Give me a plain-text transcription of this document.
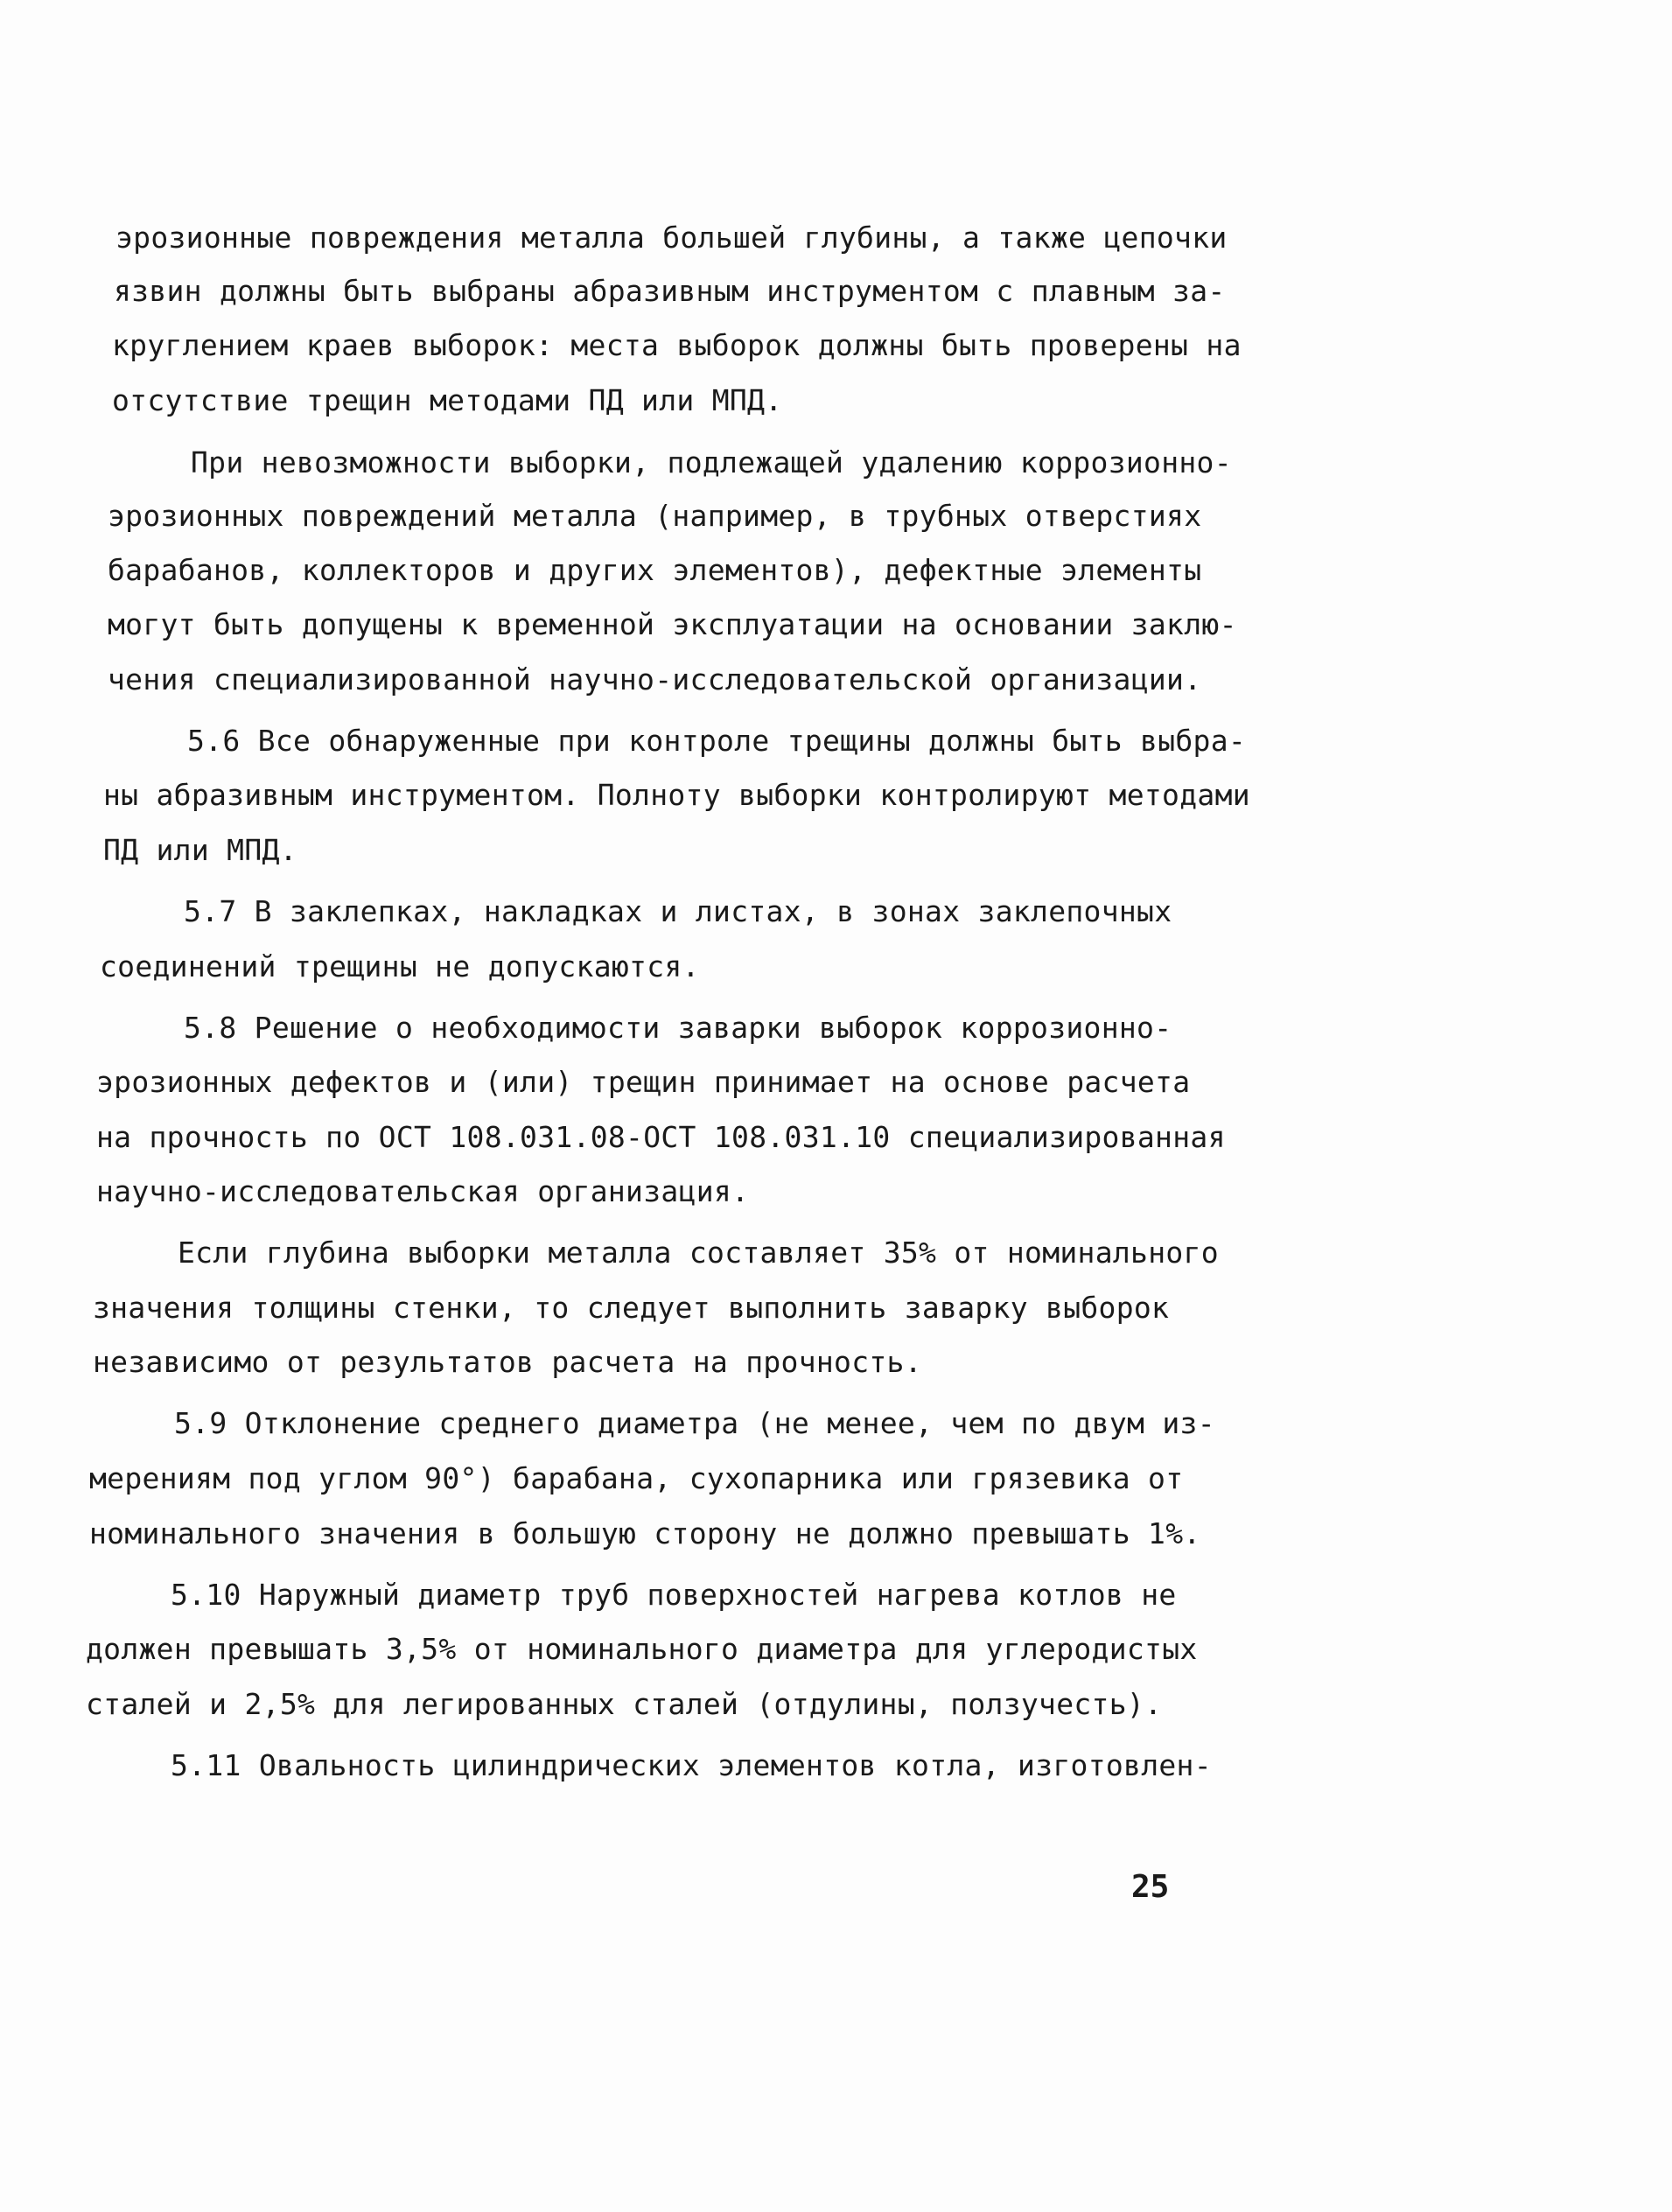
эрозионные повреждения металла большей глубины, а также цепочки
язвин должны быть выбраны абразивным инструментом с плавным за-
круглением краев выборок: места выборок должны быть проверены на
отсутствие трещин методами ПД или МПД.
При невозможности выборки, подлежащей удалению коррозионно-
эрозионных повреждений металла (например, в трубных отверстиях
барабанов, коллекторов и других элементов), дефектные элементы
могут быть допущены к временной эксплуатации на основании заклю-
чения специализированной научно-исследовательской организации.
5.6 Все обнаруженные при контроле трещины должны быть выбра-
ны абразивным инструментом. Полноту выборки контролируют методами
ПД или МПД.
5.7 В заклепках, накладках и листах, в зонах заклепочных
соединений трещины не допускаются.
5.8 Решение о необходимости заварки выборок коррозионно-
эрозионных дефектов и (или) трещин принимает на основе расчета
на прочность по ОСТ 108.031.08-ОСТ 108.031.10 специализированная
научно-исследовательская организация.
Если глубина выборки металла составляет 35% от номинального
значения толщины стенки, то следует выполнить заварку выборок
независимо от результатов расчета на прочность.
5.9 Отклонение среднего диаметра (не менее, чем по двум из-
мерениям под углом 90°) барабана, сухопарника или грязевика от
номинального значения в большую сторону не должно превышать 1%.
5.10 Наружный диаметр труб поверхностей нагрева котлов не
должен превышать 3,5% от номинального диаметра для углеродистых
сталей и 2,5% для легированных сталей (отдулины, ползучесть).
5.11 Овальность цилиндрических элементов котла, изготовлен-
25
